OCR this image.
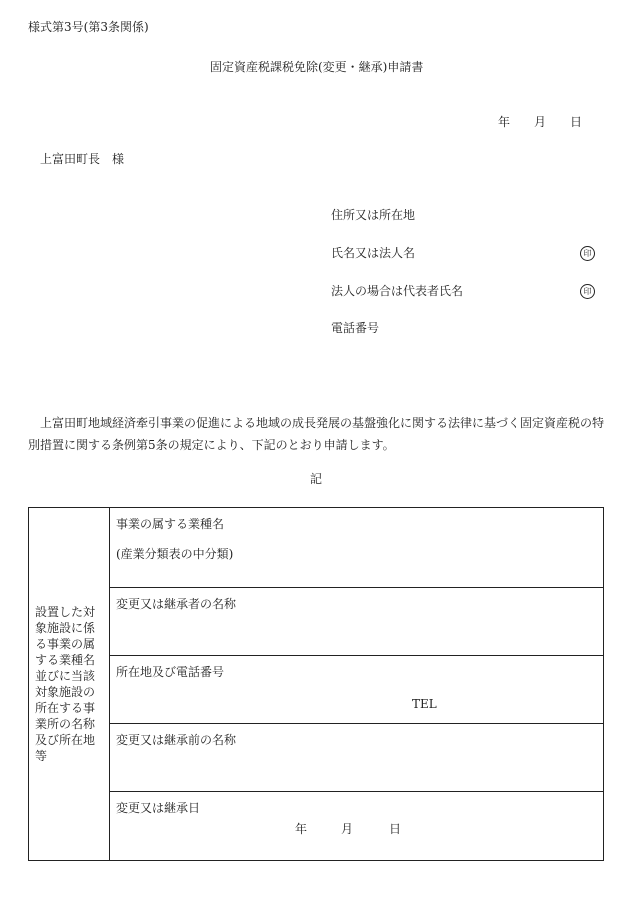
様式第3号(第3条関係)
固定資産税課税免除(変更・継承)申請書
年 月 日
上富田町長　様
住所又は所在地
氏名又は法人名	印
法人の場合は代表者氏名	印
電話番号
上富田町地域経済牽引事業の促進による地域の成長発展の基盤強化に関する法律に基づく固定資産税の特別措置に関する条例第5条の規定により、下記のとおり申請します。
記
設置した対象施設に係る事業の属する業種名並びに当該対象施設の所在する事業所の名称及び所在地等	
事業の属する業種名
(産業分類表の中分類)

変更又は継承者の名称

所在地及び電話番号
TEL

変更又は継承前の名称

変更又は継承日
年	月	日
